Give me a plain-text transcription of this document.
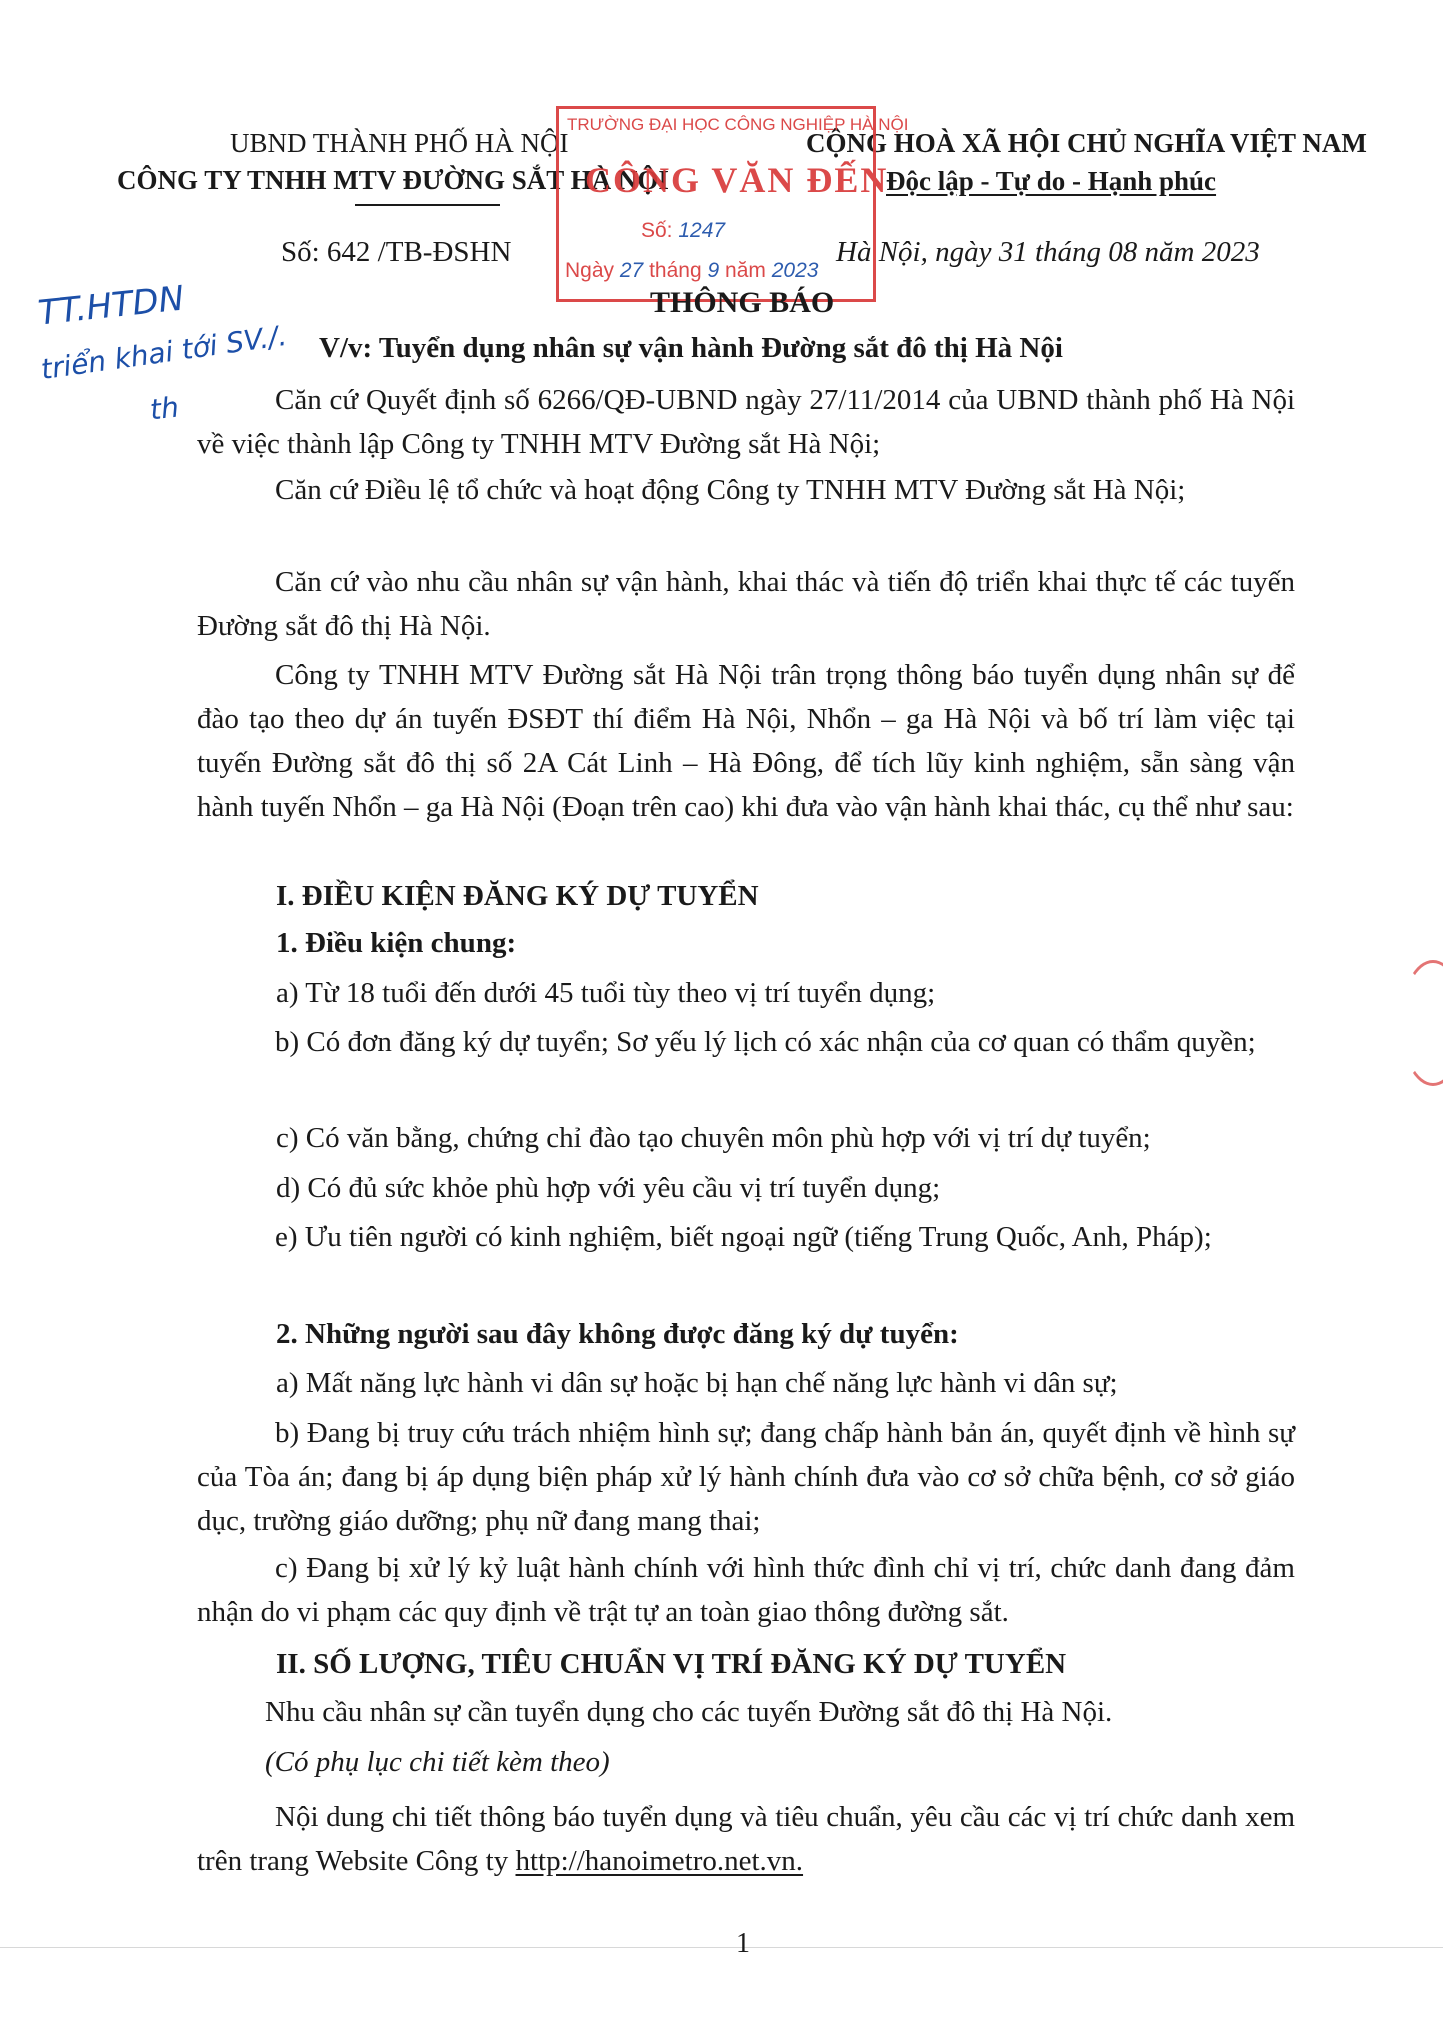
UBND THÀNH PHỐ HÀ NỘI
CÔNG TY TNHH MTV ĐƯỜNG SẮT HÀ NỘI
CỘNG HOÀ XÃ HỘI CHỦ NGHĨA VIỆT NAM
Độc lập - Tự do - Hạnh phúc
Số: 642 /TB-ĐSHN	Hà Nội, ngày 31 tháng 08 năm 2023
TRƯỜNG ĐẠI HỌC CÔNG NGHIỆP HÀ NỘI
CÔNG VĂN ĐẾN
Số: 1247
Ngày 27 tháng 9 năm 2023
TT.HTDN
triển khai tới SV./.
th
THÔNG BÁO
V/v: Tuyển dụng nhân sự vận hành Đường sắt đô thị Hà Nội
Căn cứ Quyết định số 6266/QĐ-UBND ngày 27/11/2014 của UBND thành phố Hà Nội về việc thành lập Công ty TNHH MTV Đường sắt Hà Nội;
Căn cứ Điều lệ tổ chức và hoạt động Công ty TNHH MTV Đường sắt Hà Nội;
Căn cứ vào nhu cầu nhân sự vận hành, khai thác và tiến độ triển khai thực tế các tuyến Đường sắt đô thị Hà Nội.
Công ty TNHH MTV Đường sắt Hà Nội trân trọng thông báo tuyển dụng nhân sự để đào tạo theo dự án tuyến ĐSĐT thí điểm Hà Nội, Nhổn – ga Hà Nội và bố trí làm việc tại tuyến Đường sắt đô thị số 2A Cát Linh – Hà Đông, để tích lũy kinh nghiệm, sẵn sàng vận hành tuyến Nhổn – ga Hà Nội (Đoạn trên cao) khi đưa vào vận hành khai thác, cụ thể như sau:
I. ĐIỀU KIỆN ĐĂNG KÝ DỰ TUYỂN
1. Điều kiện chung:
a) Từ 18 tuổi đến dưới 45 tuổi tùy theo vị trí tuyển dụng;
b) Có đơn đăng ký dự tuyển; Sơ yếu lý lịch có xác nhận của cơ quan có thẩm quyền;
c) Có văn bằng, chứng chỉ đào tạo chuyên môn phù hợp với vị trí dự tuyển;
d) Có đủ sức khỏe phù hợp với yêu cầu vị trí tuyển dụng;
e) Ưu tiên người có kinh nghiệm, biết ngoại ngữ (tiếng Trung Quốc, Anh, Pháp);
2. Những người sau đây không được đăng ký dự tuyển:
a) Mất năng lực hành vi dân sự hoặc bị hạn chế năng lực hành vi dân sự;
b) Đang bị truy cứu trách nhiệm hình sự; đang chấp hành bản án, quyết định về hình sự của Tòa án; đang bị áp dụng biện pháp xử lý hành chính đưa vào cơ sở chữa bệnh, cơ sở giáo dục, trường giáo dưỡng; phụ nữ đang mang thai;
c) Đang bị xử lý kỷ luật hành chính với hình thức đình chỉ vị trí, chức danh đang đảm nhận do vi phạm các quy định về trật tự an toàn giao thông đường sắt.
II. SỐ LƯỢNG, TIÊU CHUẨN VỊ TRÍ ĐĂNG KÝ DỰ TUYỂN
Nhu cầu nhân sự cần tuyển dụng cho các tuyến Đường sắt đô thị Hà Nội.
(Có phụ lục chi tiết kèm theo)
Nội dung chi tiết thông báo tuyển dụng và tiêu chuẩn, yêu cầu các vị trí chức danh xem trên trang Website Công ty http://hanoimetro.net.vn.
1
